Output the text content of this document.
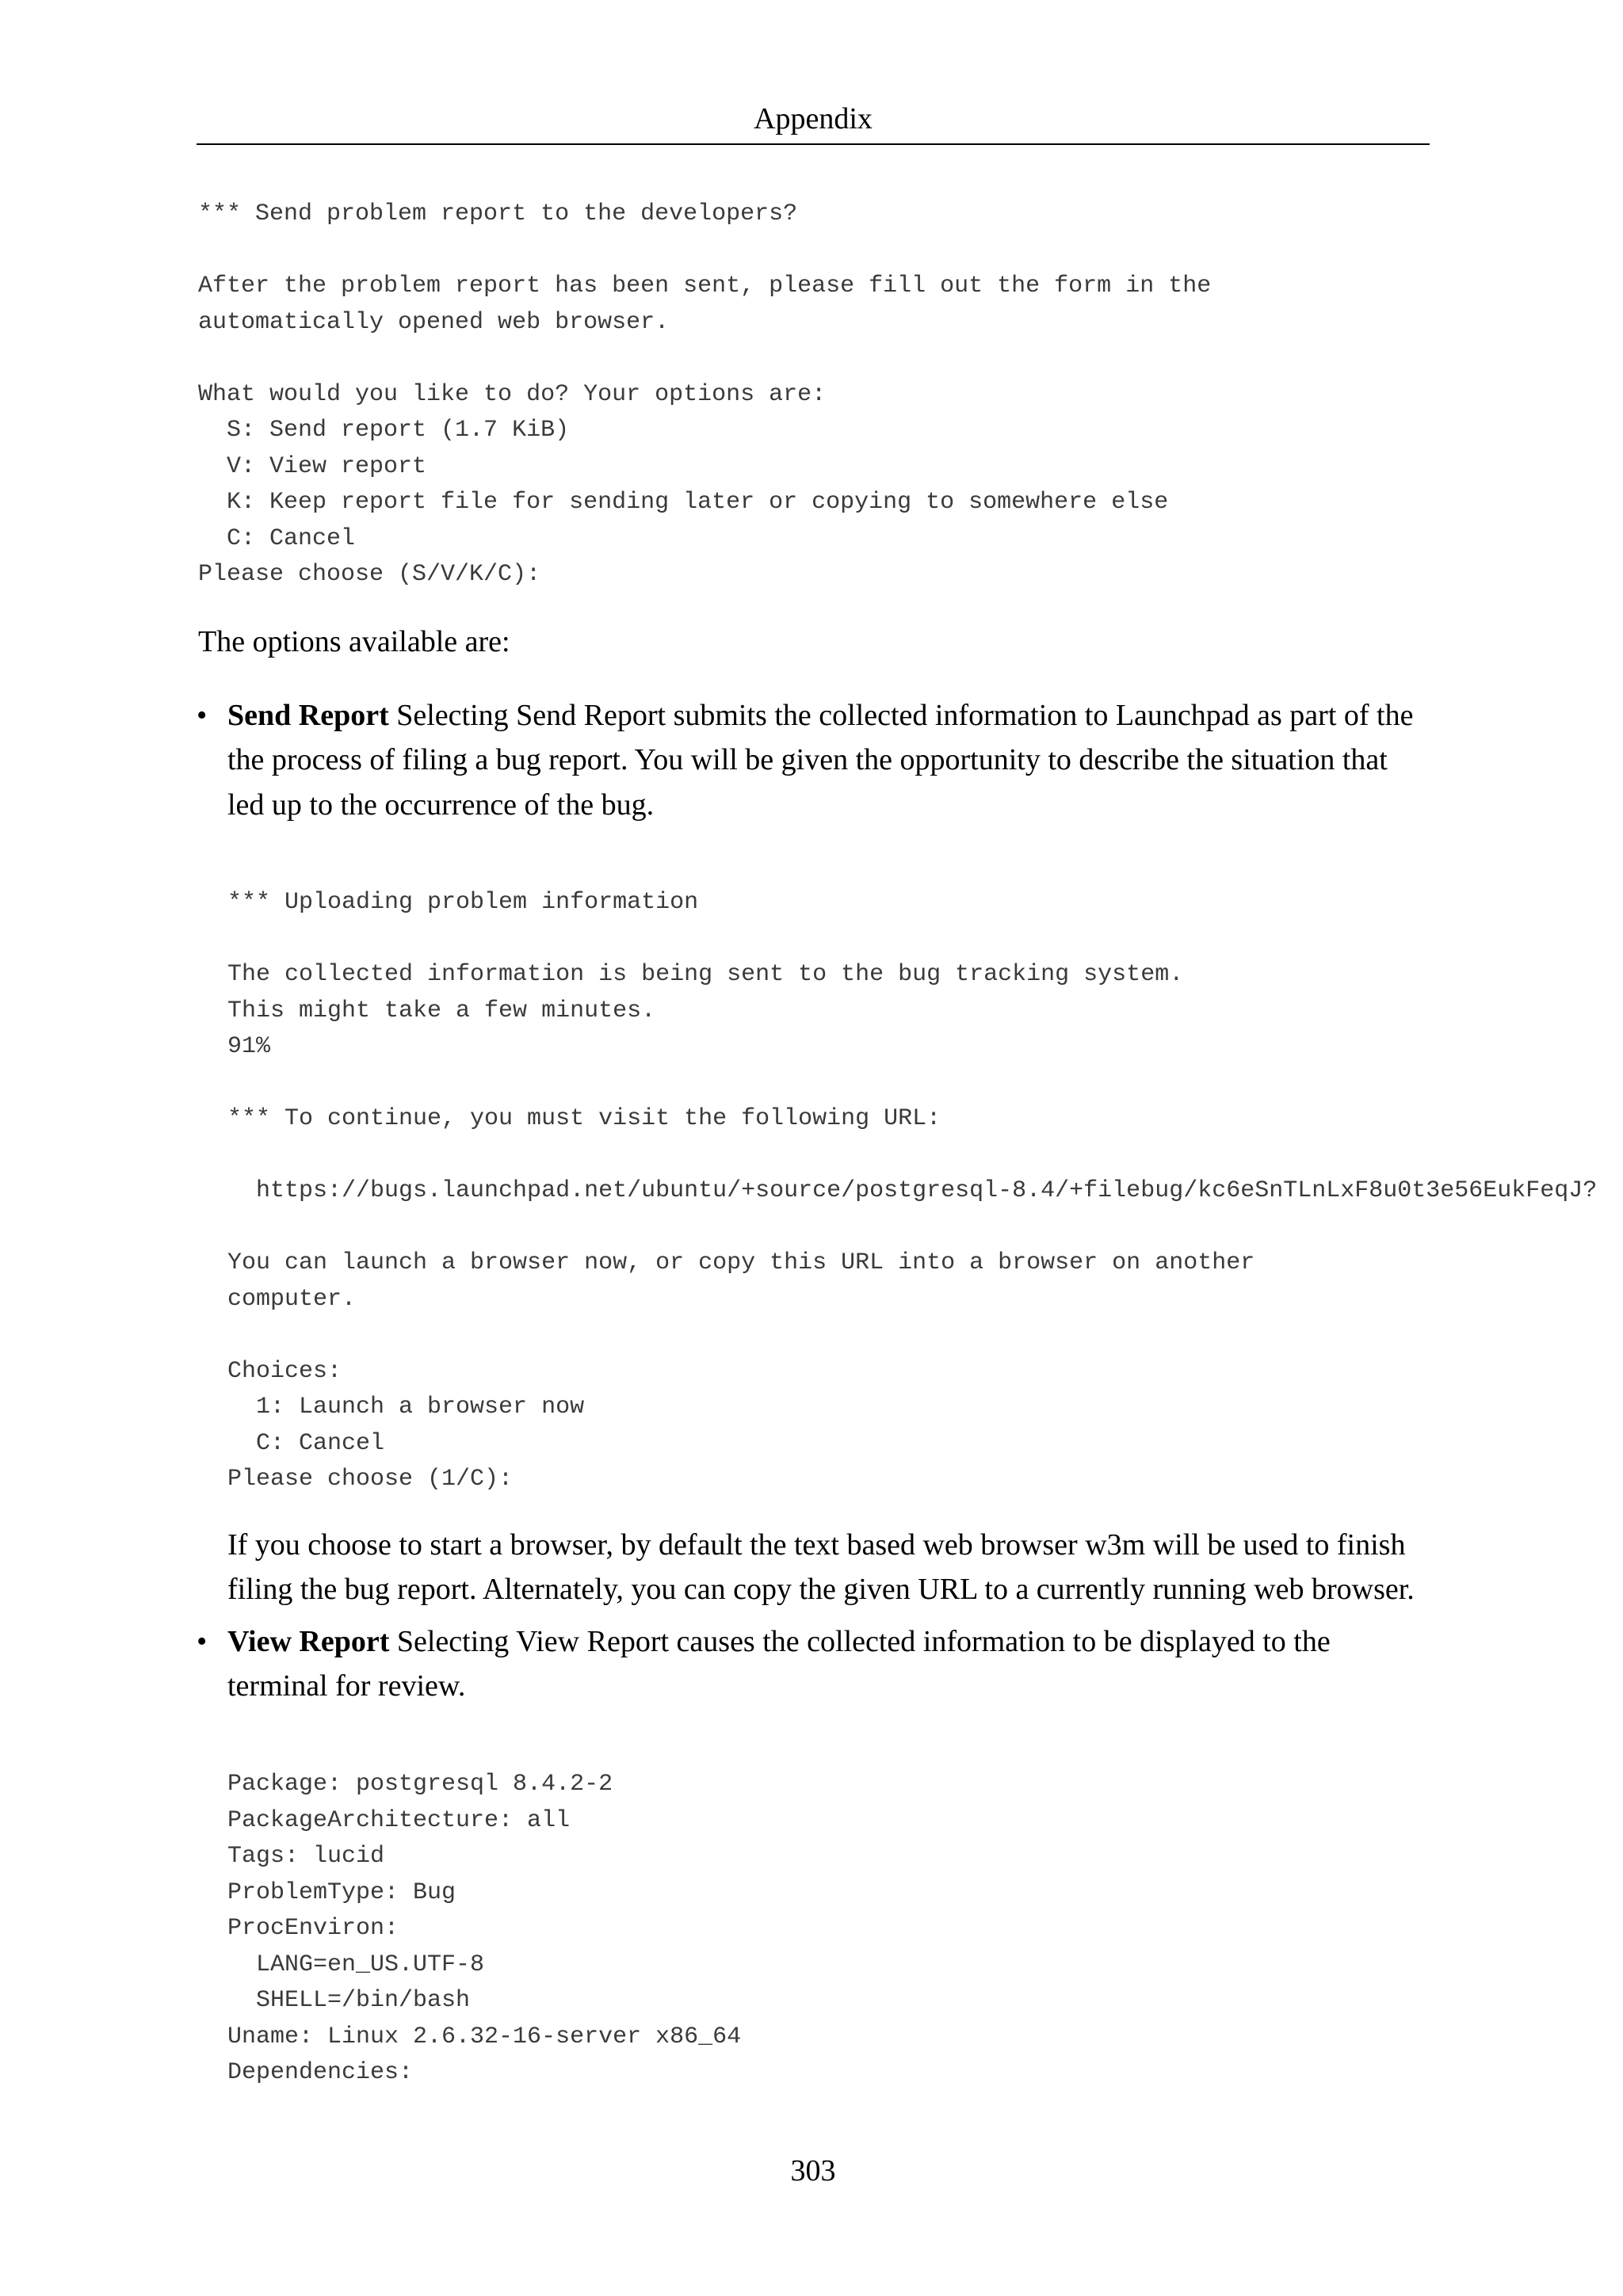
Appendix
*** Send problem report to the developers?

After the problem report has been sent, please fill out the form in the
automatically opened web browser.

What would you like to do? Your options are:
S: Send report (1.7 KiB)
V: View report
K: Keep report file for sending later or copying to somewhere else
C: Cancel
Please choose (S/V/K/C):

The options available are:

• Send Report Selecting Send Report submits the collected information to Launchpad as part of the

the process of filing a bug report. You will be given the opportunity to describe the situation that

led up to the occurrence of the bug.

*** Uploading problem information

The collected information is being sent to the bug tracking system.
This might take a few minutes.
91%

*** To continue, you must visit the following URL:

https://bugs.launchpad.net/ubuntu/+source/postgresql-8.4/+filebug/kc6eSnTLnLxF8u0t3e56EukFeqJ?

You can launch a browser now, or copy this URL into a browser on another
computer.

Choices:
1: Launch a browser now
C: Cancel
Please choose (1/C):

If you choose to start a browser, by default the text based web browser w3m will be used to finish

filing the bug report. Alternately, you can copy the given URL to a currently running web browser.

• View Report Selecting View Report causes the collected information to be displayed to the

terminal for review.

Package: postgresql 8.4.2-2
PackageArchitecture: all
Tags: lucid
ProblemType: Bug
ProcEnviron:
LANG=en_US.UTF-8
SHELL=/bin/bash
Uname: Linux 2.6.32-16-server x86_64
Dependencies:
303
